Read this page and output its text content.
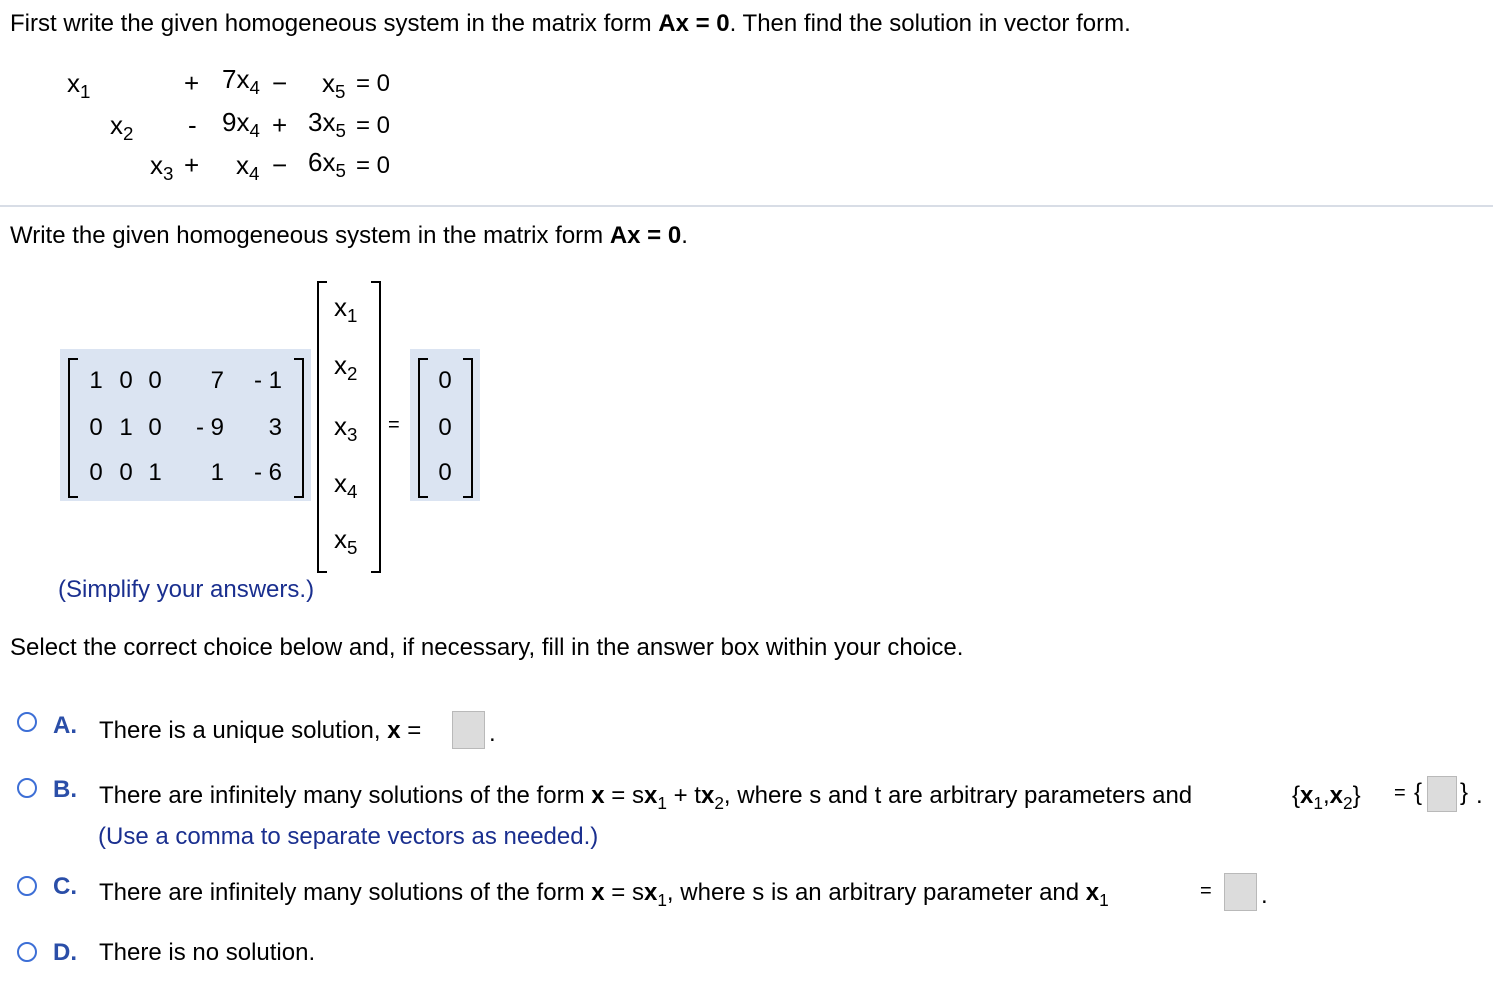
First write the given homogeneous system in the matrix form Ax = 0. Then find the solution in vector form.
$x_1$	+ $7x_4 - x_5 = 0$
$x_2 - 9x_4 + 3x_5 = 0$
$x_3 + x_4 - 6x_5 = 0$
Write the given homogeneous system in the matrix form Ax = 0.
1 0 0	7	- 1
0 1 0	- 9	3
0 0 1	1	- 6
$x_1$
$x_2$
$x_3$
$x_4$
$x_5$
=
0
0
0
(Simplify your answers.)
Select the correct choice below and, if necessary, fill in the answer box within your choice.
A. There is a unique solution, x =	.
B. There are infinitely many solutions of the form $x = sx_1 + tx_2$, where s and t are arbitrary parameters and	$\{x_1,x_2\}$ = { } .
(Use a comma to separate vectors as needed.)
C. There are infinitely many solutions of the form $x = sx_1$, where s is an arbitrary parameter and $x_1$	= .
D. There is no solution.
